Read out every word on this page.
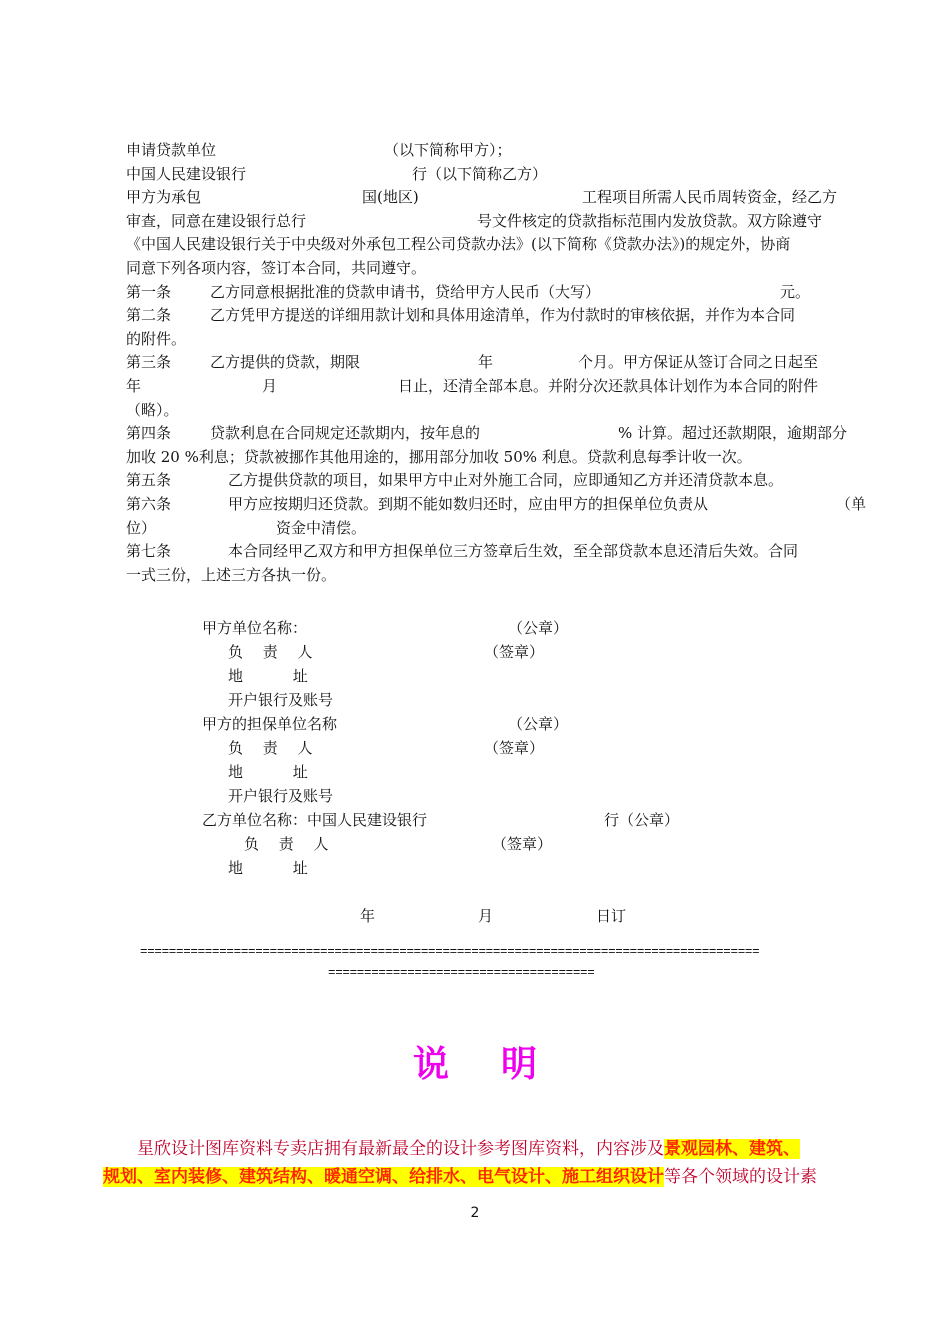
申请贷款单位	（以下简称甲方）；
中国人民建设银行	行（以下简称乙方）
甲方为承包	国(地区)	工程项目所需人民币周转资金，经乙方
审查，同意在建设银行总行	号文件核定的贷款指标范围内发放贷款。双方除遵守
《中国人民建设银行关于中央级对外承包工程公司贷款办法》(以下简称《贷款办法》)的规定外，协商
同意下列各项内容，签订本合同，共同遵守。
第一条	乙方同意根据批准的贷款申请书，贷给甲方人民币（大写）	元。
第二条	乙方凭甲方提送的详细用款计划和具体用途清单，作为付款时的审核依据，并作为本合同
的附件。
第三条	乙方提供的贷款，期限	年	个月。甲方保证从签订合同之日起至
年	月	日止，还清全部本息。并附分次还款具体计划作为本合同的附件
（略）。
第四条	贷款利息在合同规定还款期内，按年息的	% 计算。超过还款期限，逾期部分
加收 20 %利息；贷款被挪作其他用途的，挪用部分加收 50% 利息。贷款利息每季计收一次。
第五条	乙方提供贷款的项目，如果甲方中止对外施工合同，应即通知乙方并还清贷款本息。
第六条	甲方应按期归还贷款。到期不能如数归还时，应由甲方的担保单位负责从	（单
位）	资金中清偿。
第七条	本合同经甲乙双方和甲方担保单位三方签章后生效，至全部贷款本息还清后失效。合同
一式三份，上述三方各执一份。
甲方单位名称：	（公章）
负　 责 　人	（签章）
地　　　 址
开户银行及账号
甲方的担保单位名称	（公章）
负　 责 　人	（签章）
地　　　 址
开户银行及账号
乙方单位名称：中国人民建设银行	行（公章）
负　 责 　人	（签章）
地　　　 址
年	月	日订
======================================================================================
=====================================
说 明
星欣设计图库资料专卖店拥有最新最全的设计参考图库资料，内容涉及景观园林、建筑、
规划、室内装修、建筑结构、暖通空调、给排水、电气设计、施工组织设计等各个领域的设计素
2
